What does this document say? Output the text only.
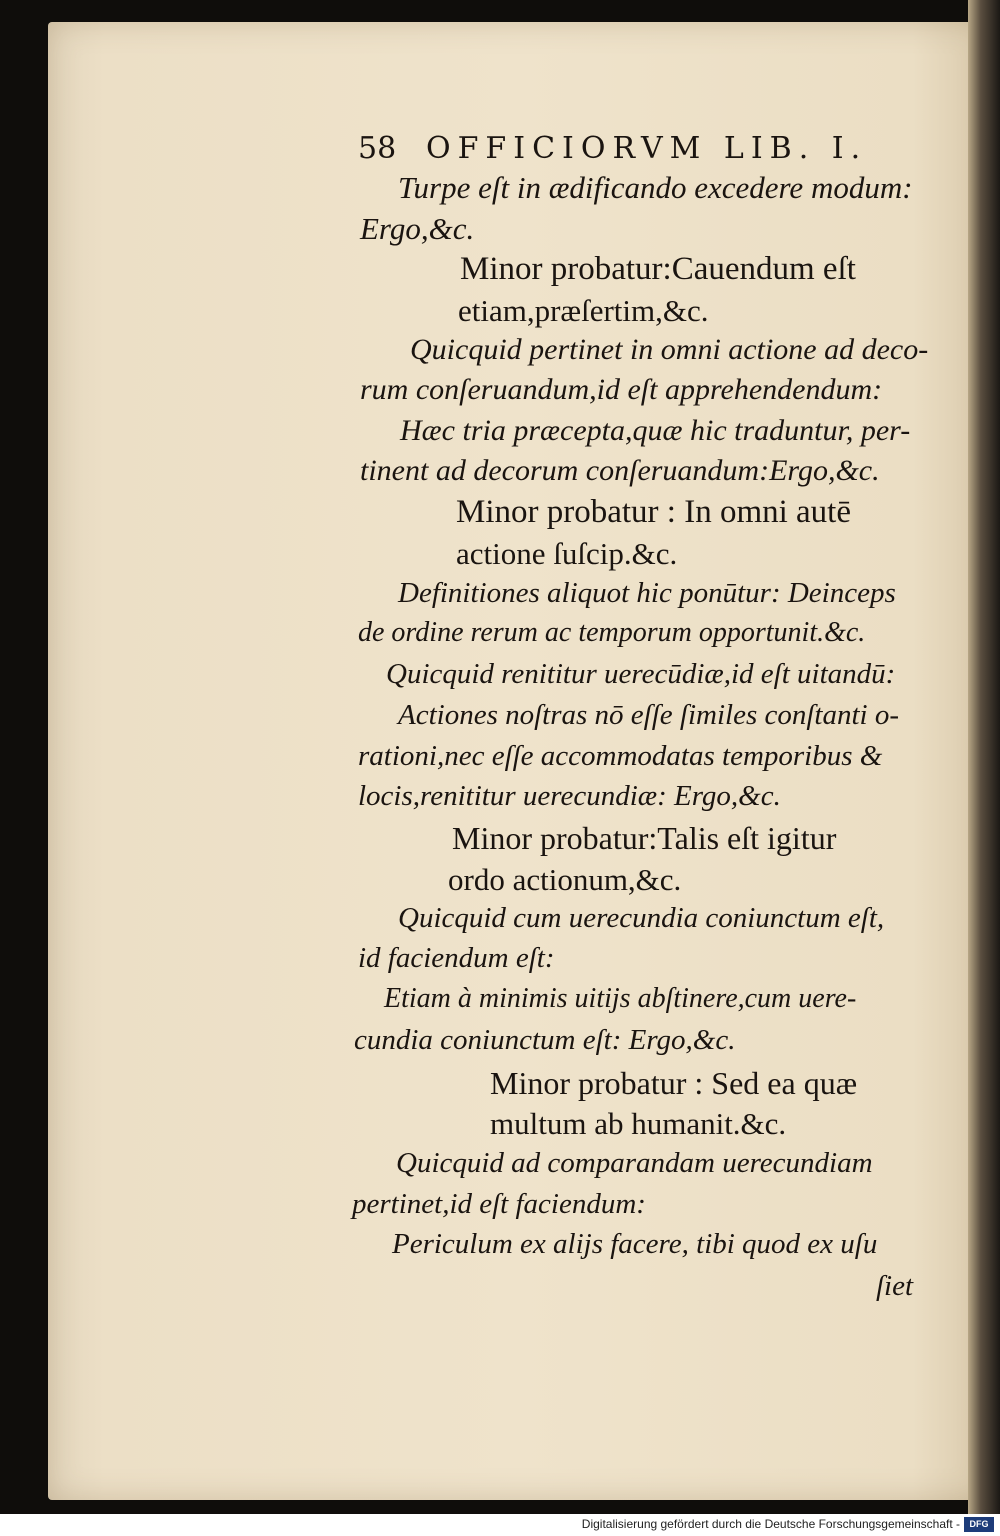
58 OFFICIORVM LIB. I.
Turpe eſt in ædificando excedere modum:
Ergo,&c.
Minor probatur:Cauendum eſt
etiam,præſertim,&c.
Quicquid pertinet in omni actione ad deco-
rum conſeruandum,id eſt apprehendendum:
Hæc tria præcepta,quæ hic traduntur, per-
tinent ad decorum conſeruandum:Ergo,&c.
Minor probatur : In omni autē
actione ſuſcip.&c.
Definitiones aliquot hic ponūtur: Deinceps
de ordine rerum ac temporum opportunit.&c.
Quicquid renititur uerecūdiæ,id eſt uitandū:
Actiones noſtras nō eſſe ſimiles conſtanti o-
rationi,nec eſſe accommodatas temporibus &
locis,renititur uerecundiæ: Ergo,&c.
Minor probatur:Talis eſt igitur
ordo actionum,&c.
Quicquid cum uerecundia coniunctum eſt,
id faciendum eſt:
Etiam à minimis uitijs abſtinere,cum uere-
cundia coniunctum eſt: Ergo,&c.
Minor probatur : Sed ea quæ
multum ab humanit.&c.
Quicquid ad comparandam uerecundiam
pertinet,id eſt faciendum:
Periculum ex alijs facere, tibi quod ex uſu
ſiet
Digitalisierung gefördert durch die Deutsche Forschungsgemeinschaft -	DFG
